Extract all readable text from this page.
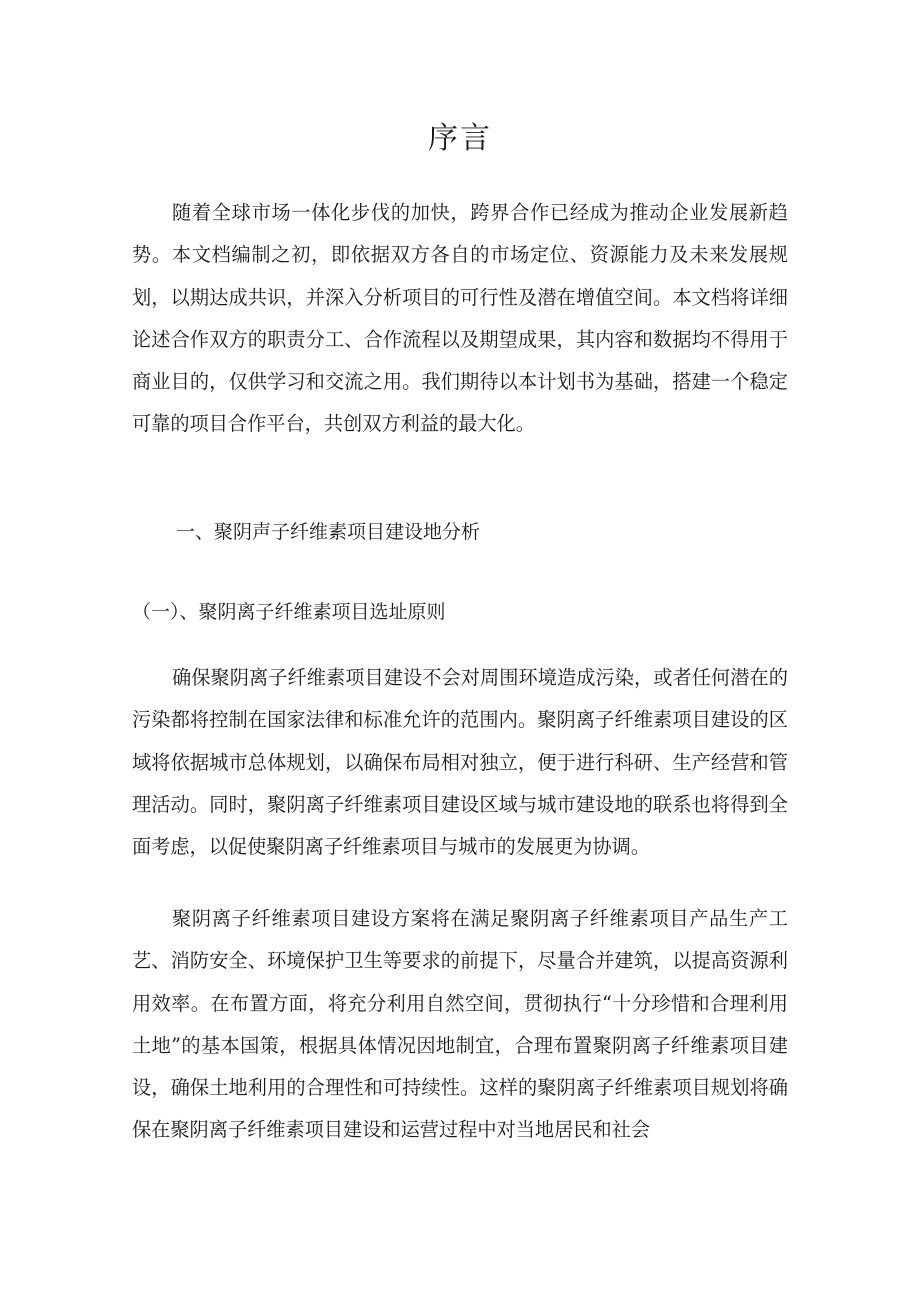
序言

随着全球市场一体化步伐的加快，跨界合作已经成为推动企业发展新趋势。本文档编制之初，即依据双方各自的市场定位、资源能力及未来发展规划，以期达成共识，并深入分析项目的可行性及潜在增值空间。本文档将详细论述合作双方的职责分工、合作流程以及期望成果，其内容和数据均不得用于商业目的，仅供学习和交流之用。我们期待以本计划书为基础，搭建一个稳定可靠的项目合作平台，共创双方利益的最大化。

一、聚阴声子纤维素项目建设地分析
（一）、聚阴离子纤维素项目选址原则

确保聚阴离子纤维素项目建设不会对周围环境造成污染，或者任何潜在的污染都将控制在国家法律和标准允许的范围内。聚阴离子纤维素项目建设的区域将依据城市总体规划，以确保布局相对独立，便于进行科研、生产经营和管理活动。同时，聚阴离子纤维素项目建设区域与城市建设地的联系也将得到全面考虑，以促使聚阴离子纤维素项目与城市的发展更为协调。

聚阴离子纤维素项目建设方案将在满足聚阴离子纤维素项目产品生产工艺、消防安全、环境保护卫生等要求的前提下，尽量合并建筑，以提高资源利用效率。在布置方面，将充分利用自然空间，贯彻执行“十分珍惜和合理利用土地”的基本国策，根据具体情况因地制宜，合理布置聚阴离子纤维素项目建设，确保土地利用的合理性和可持续性。这样的聚阴离子纤维素项目规划将确保在聚阴离子纤维素项目建设和运营过程中对当地居民和社会
